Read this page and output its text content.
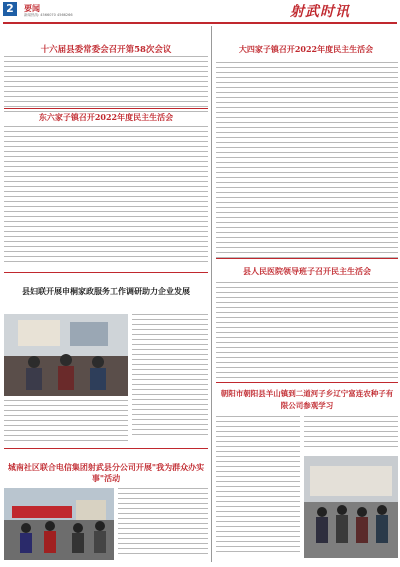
2	要闻
新闻热线: 4566070 4566266	射武时讯
十六届县委常委会召开第58次会议
东六家子镇召开2022年度民主生活会
县妇联开展申桐家政服务工作调研助力企业发展
城南社区联合电信集团射武县分公司开展"我为群众办实事"活动
大四家子镇召开2022年度民主生活会
县人民医院领导班子召开民主生活会
朝阳市朝阳县羊山镇到二道河子乡辽宁富连农种子有限公司参观学习
